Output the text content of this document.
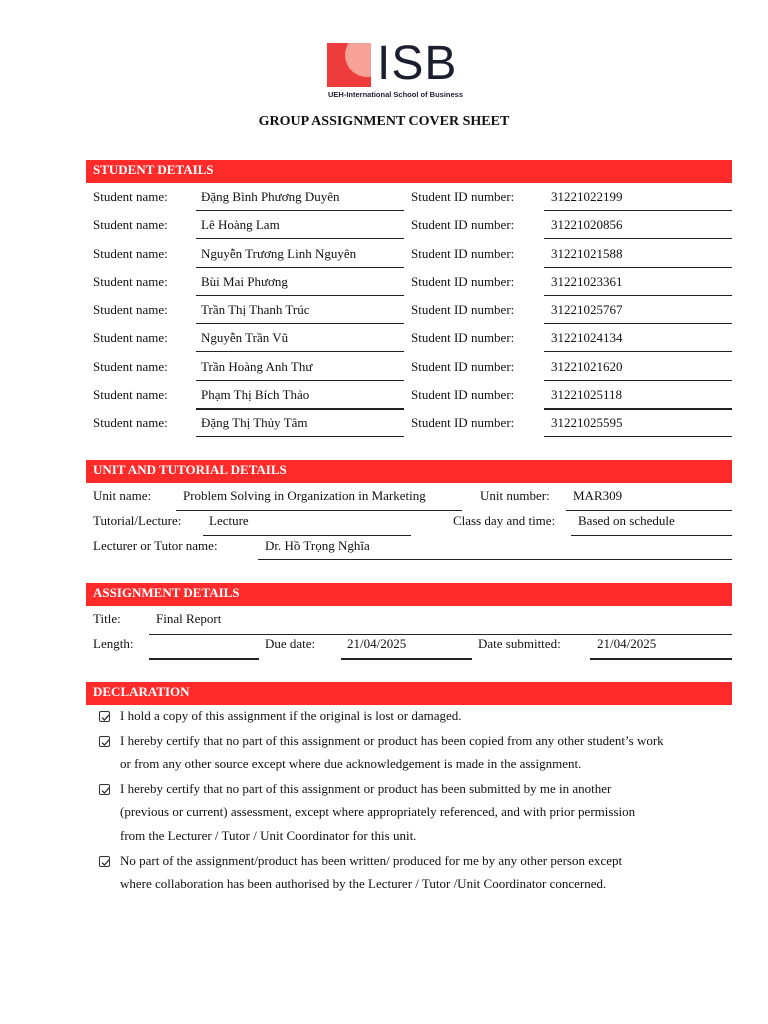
ISB
UEH-International School of Business
GROUP ASSIGNMENT COVER SHEET
STUDENT DETAILS
Student name:	Đặng Bình Phương Duyên	Student ID number:	31221022199
Student name:	Lê Hoàng Lam	Student ID number:	31221020856
Student name:	Nguyễn Trương Linh Nguyên	Student ID number:	31221021588
Student name:	Bùi Mai Phương	Student ID number:	31221023361
Student name:	Trần Thị Thanh Trúc	Student ID number:	31221025767
Student name:	Nguyễn Trần Vũ	Student ID number:	31221024134
Student name:	Trần Hoàng Anh Thư	Student ID number:	31221021620
Student name:	Phạm Thị Bích Thảo	Student ID number:	31221025118
Student name:	Đặng Thị Thủy Tâm	Student ID number:	31221025595
UNIT AND TUTORIAL DETAILS
Unit name: Problem Solving in Organization in Marketing	Unit number: MAR309
Tutorial/Lecture: Lecture	Class day and time: Based on schedule
Lecturer or Tutor name:	Dr. Hồ Trọng Nghĩa
ASSIGNMENT DETAILS
Title:	Final Report
Length:	Due date: 21/04/2025	Date submitted:	21/04/2025
DECLARATION
I hold a copy of this assignment if the original is lost or damaged.
I hereby certify that no part of this assignment or product has been copied from any other student’s work
or from any other source except where due acknowledgement is made in the assignment.
I hereby certify that no part of this assignment or product has been submitted by me in another
(previous or current) assessment, except where appropriately referenced, and with prior permission
from the Lecturer / Tutor / Unit Coordinator for this unit.
No part of the assignment/product has been written/ produced for me by any other person except
where collaboration has been authorised by the Lecturer / Tutor /Unit Coordinator concerned.
